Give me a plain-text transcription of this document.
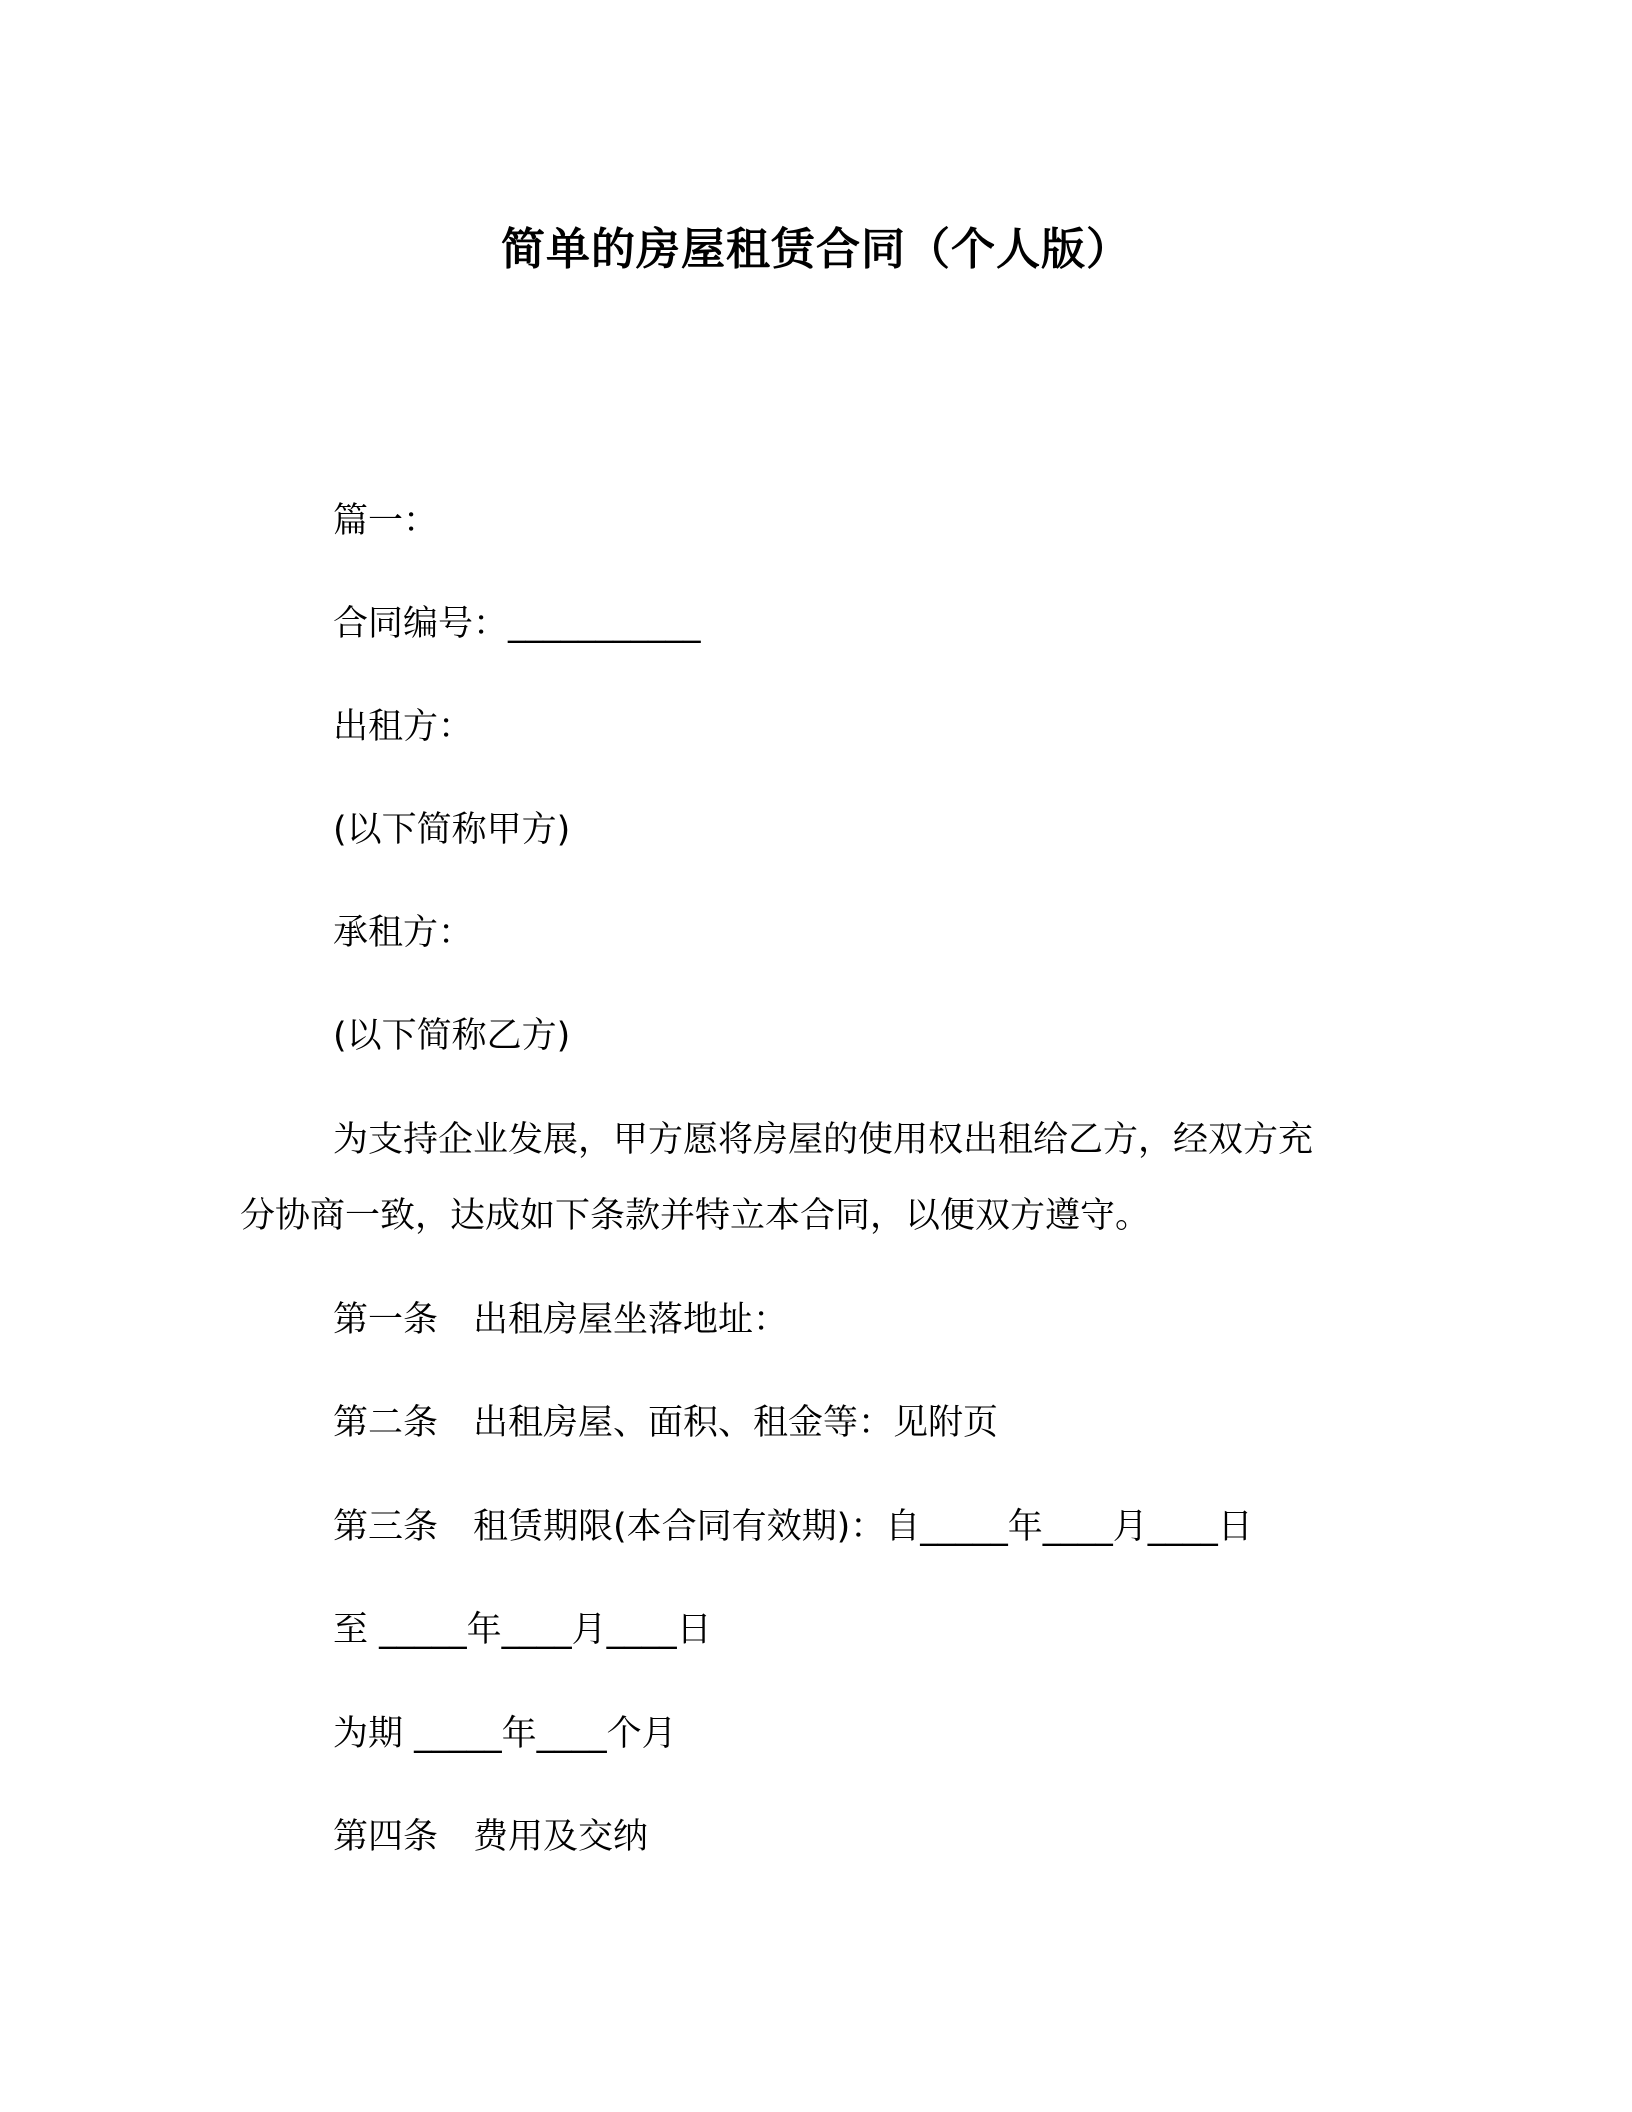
简单的房屋租赁合同（个人版）
篇一：
合同编号：___________
出租方：
(以下简称甲方)
承租方：
(以下简称乙方)
为支持企业发展，甲方愿将房屋的使用权出租给乙方，经双方充
分协商一致，达成如下条款并特立本合同，以便双方遵守。
第一条　出租房屋坐落地址：
第二条　出租房屋、面积、租金等：见附页
第三条　租赁期限(本合同有效期)：自_____年____月____日
至 _____年____月____日
为期 _____年____个月
第四条　费用及交纳
